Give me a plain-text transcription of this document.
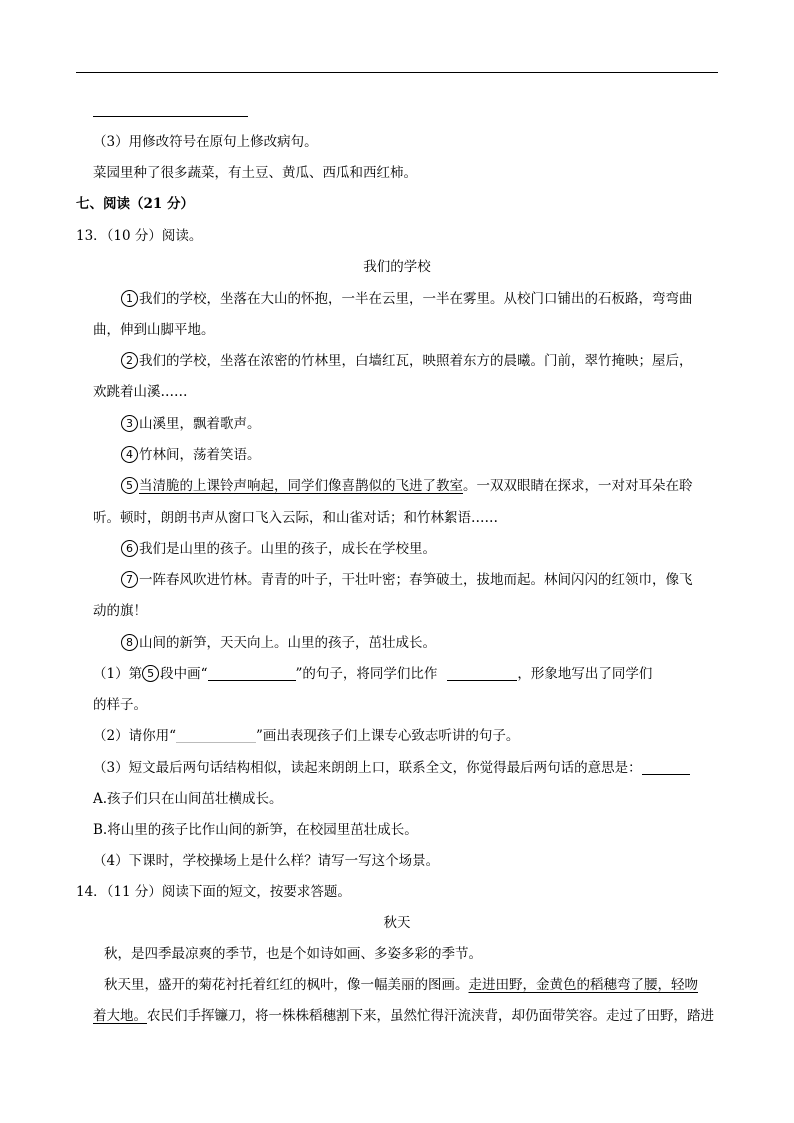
（3）用修改符号在原句上修改病句。
菜园里种了很多蔬菜，有土豆、黄瓜、西瓜和西红柿。
七、阅读（21 分）
13．（10 分）阅读。
我们的学校
1 我们的学校，坐落在大山的怀抱，一半在云里，一半在雾里。从校门口铺出的石板路，弯弯曲
曲，伸到山脚平地。
2 我们的学校，坐落在浓密的竹林里，白墙红瓦，映照着东方的晨曦。门前，翠竹掩映；屋后，
欢跳着山溪……
3 山溪里，飘着歌声。
4 竹林间，荡着笑语。
5 当清脆的上课铃声响起，同学们像喜鹊似的飞进了教室。一双双眼睛在探求，一对对耳朵在聆
听。顿时，朗朗书声从窗口飞入云际，和山雀对话；和竹林絮语……
6 我们是山里的孩子。山里的孩子，成长在学校里。
7 一阵春风吹进竹林。青青的叶子，干壮叶密；春笋破土，拔地而起。林间闪闪的红领巾，像飞
动的旗！
8 山间的新笋，天天向上。山里的孩子，茁壮成长。
（1）第 5 段中画“	”的句子，将同学们比作	，形象地写出了同学们
的样子。
（2）请你用“	”画出表现孩子们上课专心致志听讲的句子。
（3）短文最后两句话结构相似，读起来朗朗上口，联系全文，你觉得最后两句话的意思是：
A.孩子们只在山间茁壮横成长。
B.将山里的孩子比作山间的新笋，在校园里茁壮成长。
（4）下课时，学校操场上是什么样？请写一写这个场景。
14．（11 分）阅读下面的短文，按要求答题。
秋天
秋，是四季最凉爽的季节，也是个如诗如画、多姿多彩的季节。
秋天里，盛开的菊花衬托着红红的枫叶，像一幅美丽的图画。走进田野，金黄色的稻穗弯了腰，轻吻
着大地。农民们手挥镰刀，将一株株稻穗割下来，虽然忙得汗流浃背，却仍面带笑容。走过了田野，踏进
